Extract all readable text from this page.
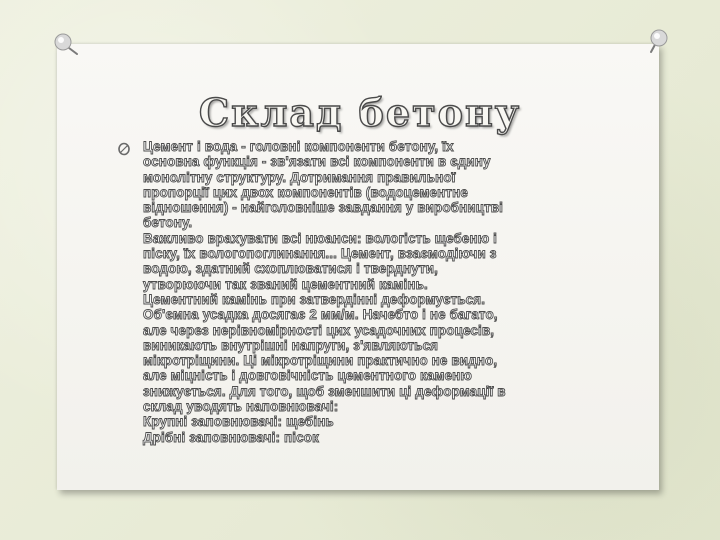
Склад бетону
Цемент і вода - головні компоненти бетону, їх
основна функція - зв'язати всі компоненти в єдину
монолітну структуру. Дотримання правильної
пропорції цих двох компонентів (водоцементне
відношення) - найголовніше завдання у виробництві
бетону.
Важливо врахувати всі нюанси: вологість щебеню і
піску, їх вологопоглинання... Цемент, взаємодіючи з
водою, здатний схоплюватися і тверднути,
утворюючи так званий цементний камінь.
Цементний камінь при затвердінні деформується.
Об'ємна усадка досягає 2 мм/м. Начебто і не багато,
але через нерівномірності цих усадочних процесів,
виникають внутрішні напруги, з'являються
мікротріщини. Ці мікротріщини практично не видно,
але міцність і довговічність цементного каменю
знижується. Для того, щоб зменшити ці деформації в
склад уводять наповнювачі:
Крупні заповнювачі: щебінь
Дрібні заповнювачі: пісок
